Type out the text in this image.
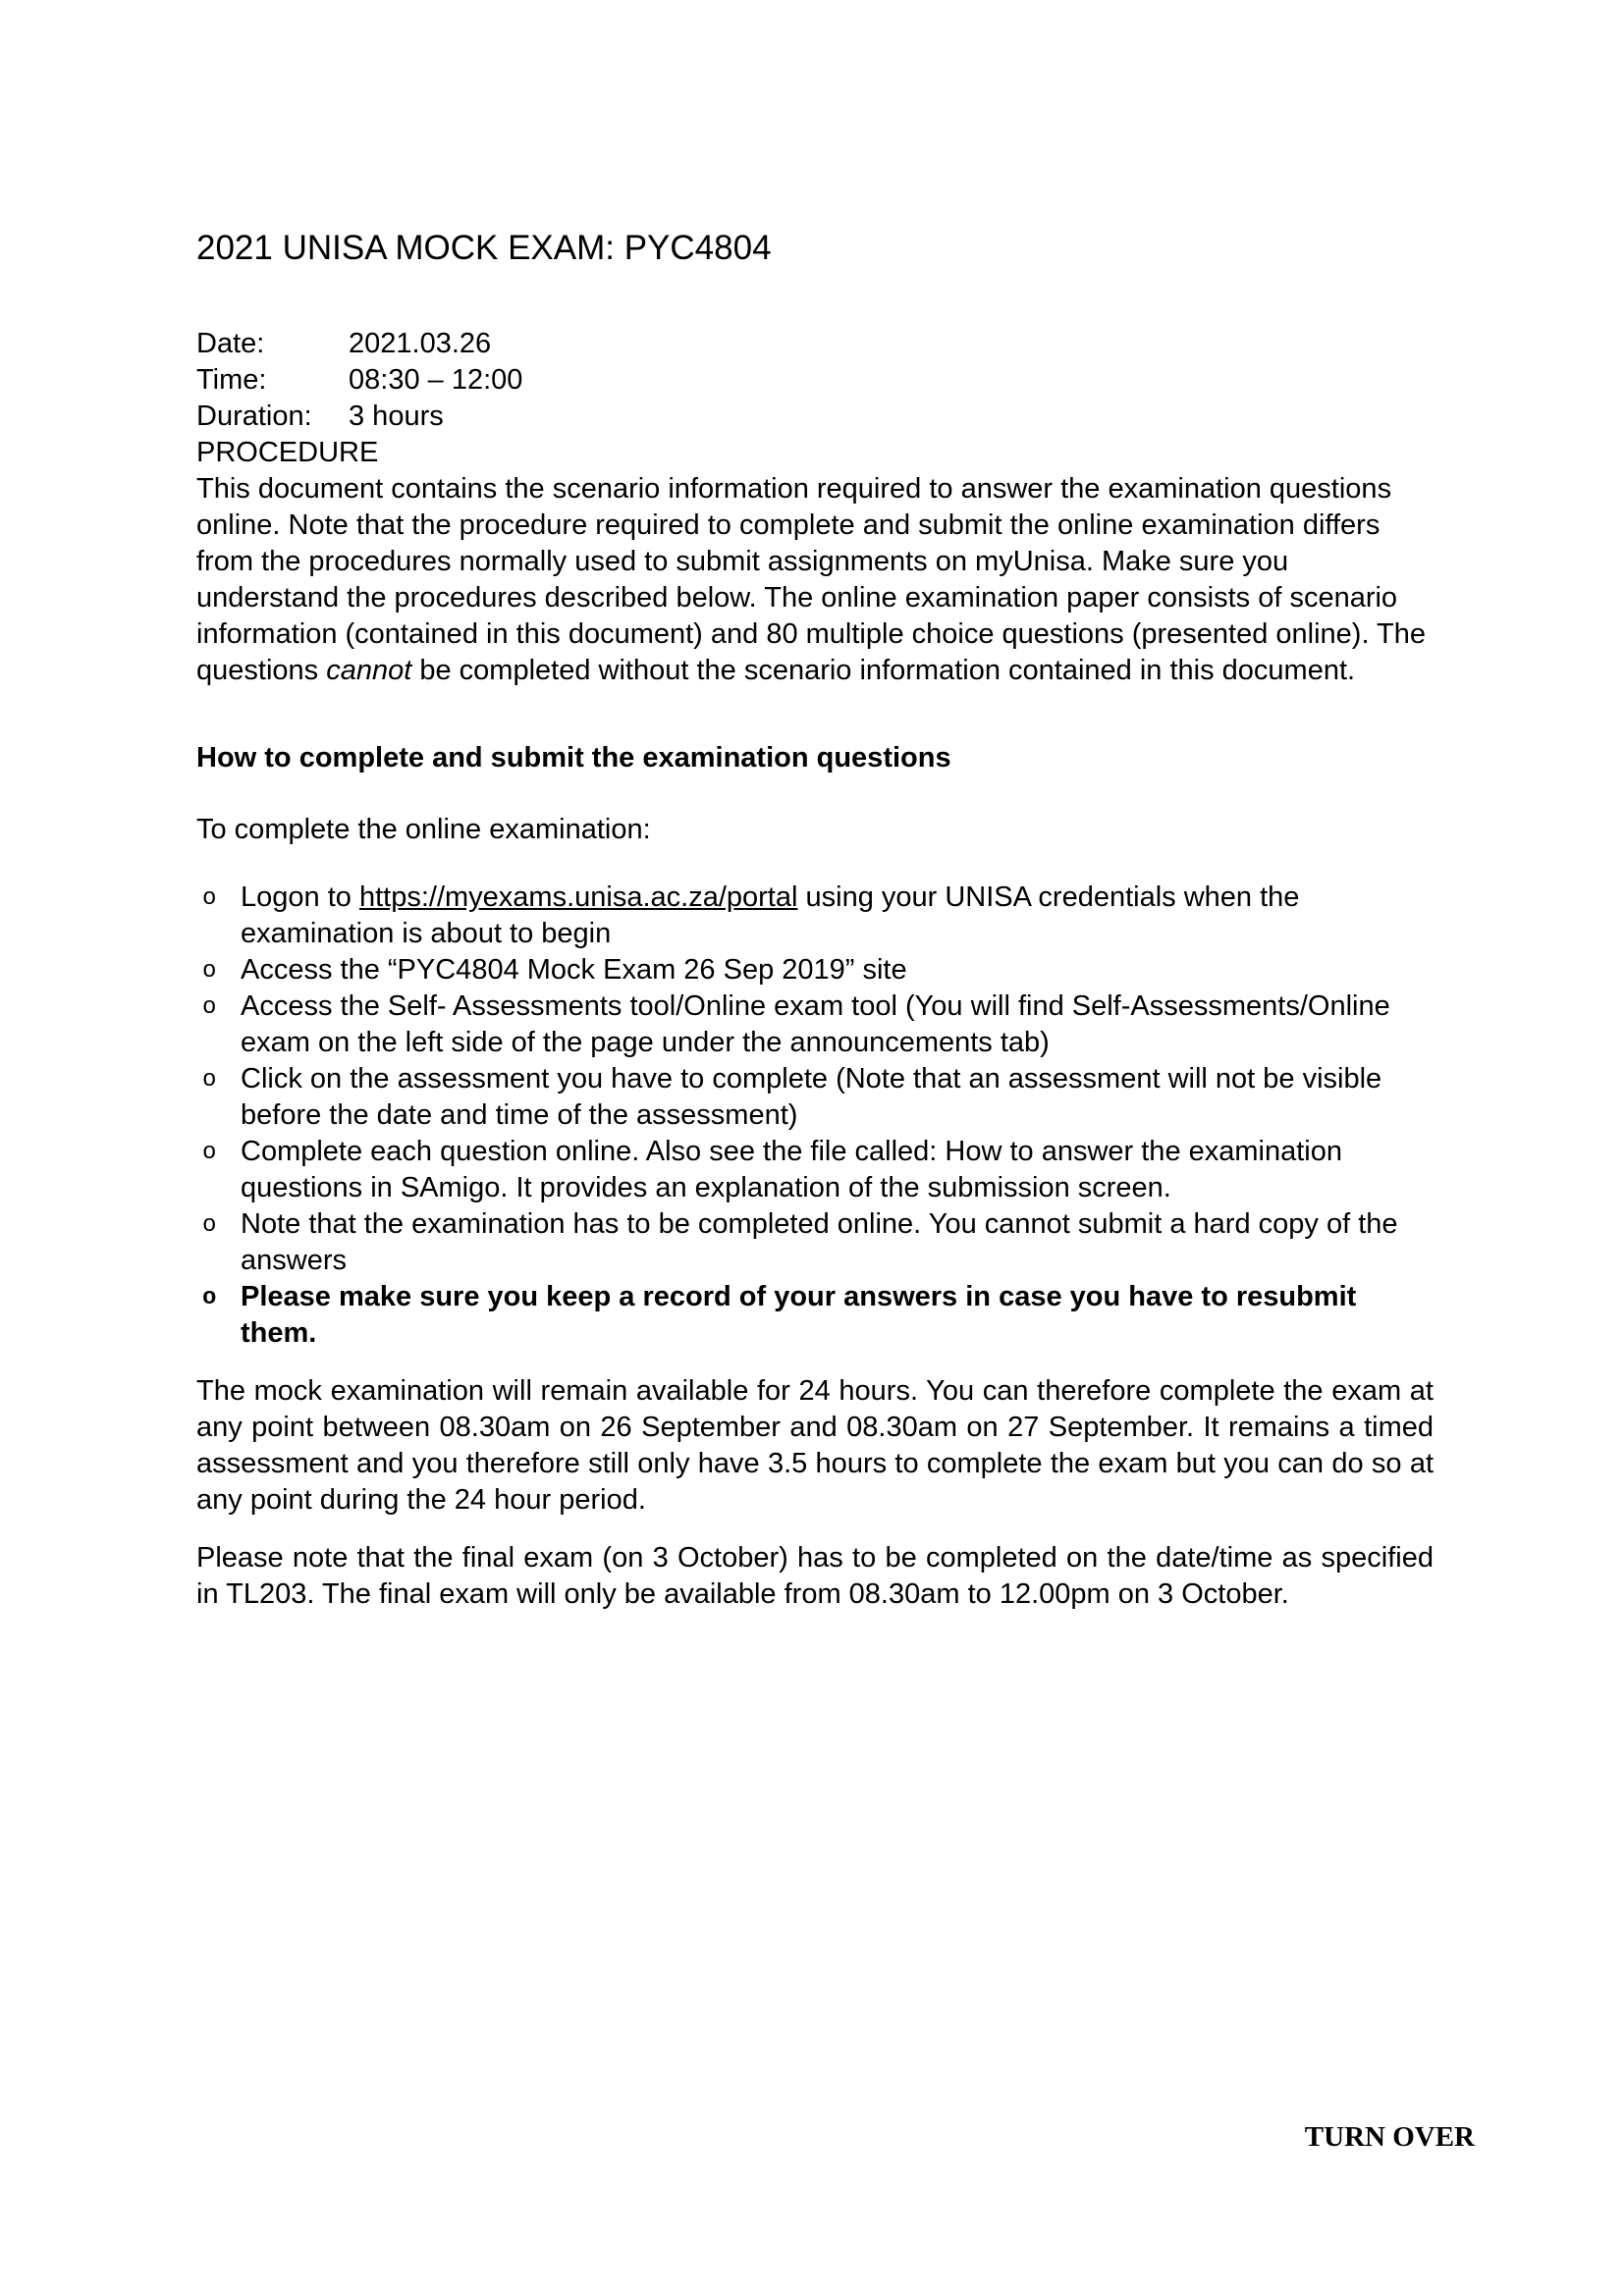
2021 UNISA MOCK EXAM: PYC4804
Date:	2021.03.26
Time:	08:30 – 12:00
Duration: 3 hours

PROCEDURE

This document contains the scenario information required to answer the examination questions online. Note that the procedure required to complete and submit the online examination differs from the procedures normally used to submit assignments on myUnisa. Make sure you understand the procedures described below. The online examination paper consists of scenario information (contained in this document) and 80 multiple choice questions (presented online). The questions cannot be completed without the scenario information contained in this document.

How to complete and submit the examination questions

To complete the online examination:

o Logon to https://myexams.unisa.ac.za/portal using your UNISA credentials when the examination is about to begin
o Access the “PYC4804 Mock Exam 26 Sep 2019” site
o Access the Self- Assessments tool/Online exam tool (You will find Self-Assessments/Online exam on the left side of the page under the announcements tab)
o Click on the assessment you have to complete (Note that an assessment will not be visible before the date and time of the assessment)
o Complete each question online. Also see the file called: How to answer the examination questions in SAmigo. It provides an explanation of the submission screen.
o Note that the examination has to be completed online. You cannot submit a hard copy of the answers
o Please make sure you keep a record of your answers in case you have to resubmit them.

The mock examination will remain available for 24 hours. You can therefore complete the exam at any point between 08.30am on 26 September and 08.30am on 27 September. It remains a timed assessment and you therefore still only have 3.5 hours to complete the exam but you can do so at any point during the 24 hour period.

Please note that the final exam (on 3 October) has to be completed on the date/time as specified in TL203. The final exam will only be available from 08.30am to 12.00pm on 3 October.

TURN OVER
